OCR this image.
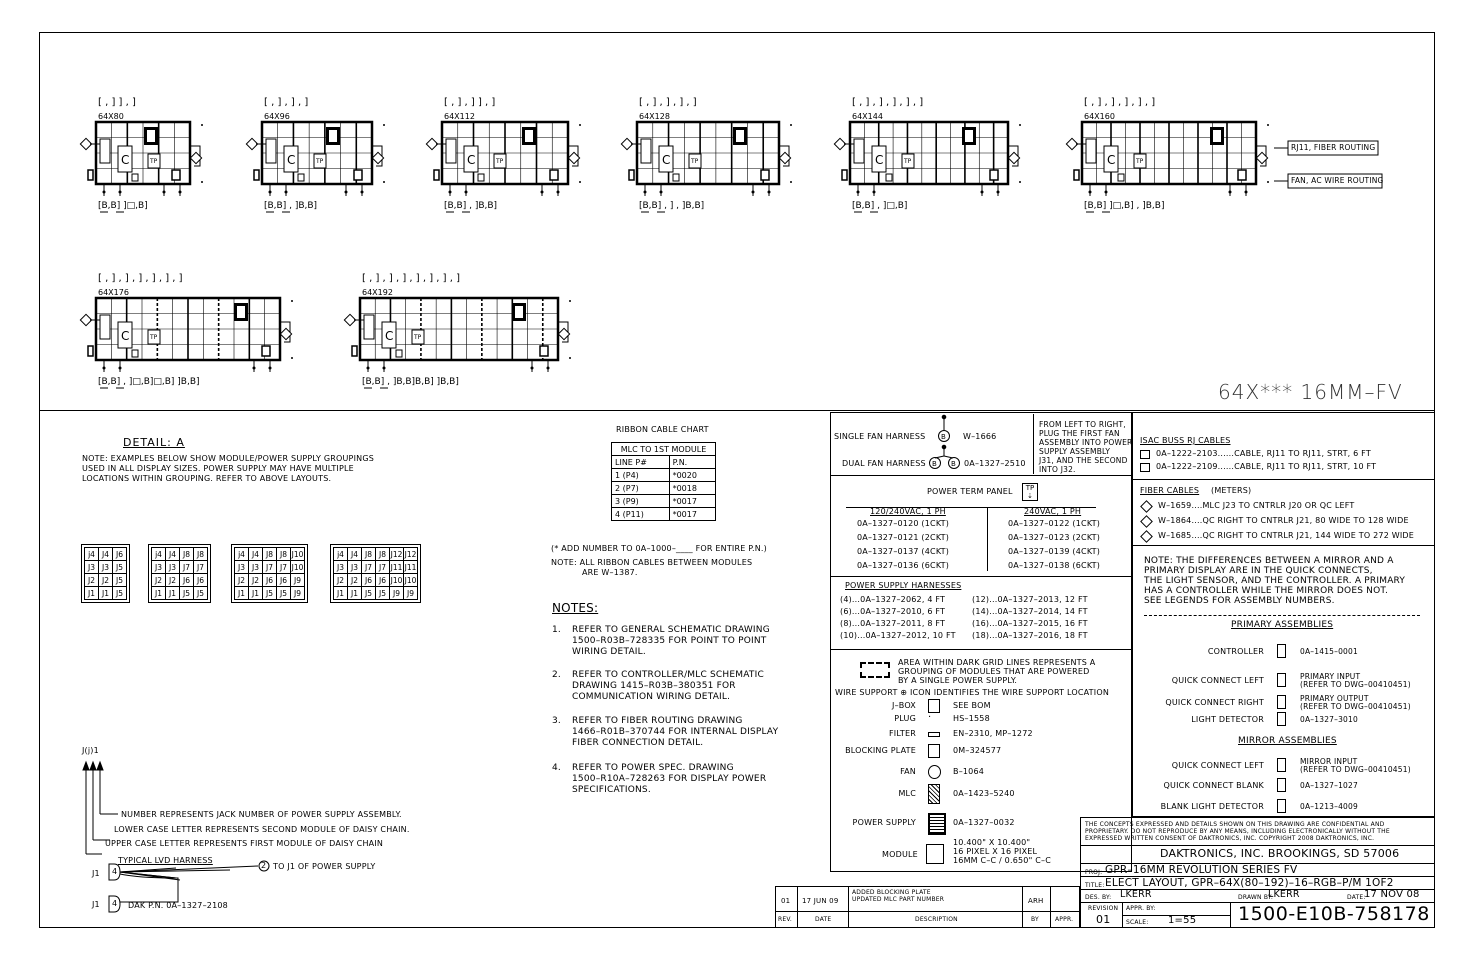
[ , ] ] , ]
64X80
C	TP
[B,B] ]□,B]
[ , ] , ] , ]
64X96
C	TP
[B,B] , ]B,B]
[ , ] , ] ] , ]
64X112
C	TP
[B,B] , ]B,B]
[ , ] , ] , ] , ]
64X128
C	TP
[B,B] , ] , ]B,B]
[ , ] , ] , ] , ] , ]
64X144
C	TP
[B,B] , ]□,B]
[ , ] , ] , ] , ] , ]
64X160
C	TP
[B,B] ]□,B] , ]B,B]
[ , ] , ] , ] , ] , ] , ]
64X176
C	TP
[B,B] , ]□,B]□,B] ]B,B]
[ , ] , ] , ] , ] , ] , ] , ]
64X192
C	TP
[B,B] , ]B,B]B,B] ]B,B]
RJ11, FIBER ROUTING
FAN, AC WIRE ROUTING
64X*** 16MM–FV
DETAIL: A
NOTE: EXAMPLES BELOW SHOW MODULE/POWER SUPPLY GROUPINGS
USED IN ALL DISPLAY SIZES. POWER SUPPLY MAY HAVE MULTIPLE
LOCATIONS WITHIN GROUPING. REFER TO ABOVE LAYOUTS.
j4	J4	J6
J3	J3	J5
J2	J2	J5
J1	J1	J5
j4	J4	J8	J8
J3	J3	J7	J7
J2	J2	J6	J6
J1	J1	J5	J5
j4	J4	J8	J8	J10
J3	J3	J7	J7	J10
J2	J2	J6	J6	J9
J1	J1	J5	J5	J9
j4	J4	J8	J8	J12	J12
J3	J3	J7	J7	J11	J11
J2	J2	J6	J6	J10	J10
J1	J1	J5	J5	J9	J9
J(j)1
NUMBER REPRESENTS JACK NUMBER OF POWER SUPPLY ASSEMBLY.
LOWER CASE LETTER REPRESENTS SECOND MODULE OF DAISY CHAIN.
UPPER CASE LETTER REPRESENTS FIRST MODULE OF DAISY CHAIN
TYPICAL LVD HARNESS
TO J1 OF POWER SUPPLY
J1
J1
4
4
2
DAK P.N. 0A–1327–2108
RIBBON CABLE CHART
MLC TO 1ST MODULE	
LINE P#	P.N.
1 (P4)	*0020
2 (P7)	*0018
3 (P9)	*0017
4 (P11)	*0017
(* ADD NUMBER TO 0A–1000–____ FOR ENTIRE P.N.)
NOTE: ALL RIBBON CABLES BETWEEN MODULES
ARE W–1387.
NOTES:
1. REFER TO GENERAL SCHEMATIC DRAWING
1500–R03B–728335 FOR POINT TO POINT
WIRING DETAIL.
2. REFER TO CONTROLLER/MLC SCHEMATIC
DRAWING 1415–R03B–380351 FOR
COMMUNICATION WIRING DETAIL.
3. REFER TO FIBER ROUTING DRAWING
1466–R01B–370744 FOR INTERNAL DISPLAY
FIBER CONNECTION DETAIL.
4. REFER TO POWER SPEC. DRAWING
1500–R10A–728263 FOR DISPLAY POWER
SPECIFICATIONS.
SINGLE FAN HARNESS	W–1666
DUAL FAN HARNESS	0A–1327–2510
B
B B
FROM LEFT TO RIGHT,
PLUG THE FIRST FAN
ASSEMBLY INTO POWER
SUPPLY ASSEMBLY
J31, AND THE SECOND
INTO J32.
POWER TERM PANEL	TP
⇣
120/240VAC, 1 PH	240VAC, 1 PH
0A–1327–0120 (1CKT)	0A–1327–0122 (1CKT)
0A–1327–0121 (2CKT)	0A–1327–0123 (2CKT)
0A–1327–0137 (4CKT)	0A–1327–0139 (4CKT)
0A–1327–0136 (6CKT)	0A–1327–0138 (6CKT)
POWER SUPPLY HARNESSES
(4)...0A–1327–2062, 4 FT	(12)...0A–1327–2013, 12 FT
(6)...0A–1327–2010, 6 FT	(14)...0A–1327–2014, 14 FT
(8)...0A–1327–2011, 8 FT	(16)...0A–1327–2015, 16 FT
(10)...0A–1327–2012, 10 FT (18)...0A–1327–2016, 18 FT
AREA WITHIN DARK GRID LINES REPRESENTS A
GROUPING OF MODULES THAT ARE POWERED
BY A SINGLE POWER SUPPLY.
WIRE SUPPORT ⊕ ICON IDENTIFIES THE WIRE SUPPORT LOCATION
J–BOX	SEE BOM
PLUG	HS–1558
·
FILTER	EN–2310, MP–1272
BLOCKING PLATE	0M–324577
FAN	B–1064
MLC	0A–1423–5240
POWER SUPPLY	0A–1327–0032
MODULE
10.400" X 10.400"
16 PIXEL X 16 PIXEL
16MM C–C / 0.650" C–C
ISAC BUSS RJ CABLES
0A–1222–2103......CABLE, RJ11 TO RJ11, STRT, 6 FT
0A–1222–2109......CABLE, RJ11 TO RJ11, STRT, 10 FT
FIBER CABLES (METERS)
W–1659....MLC J23 TO CNTRLR J20 OR QC LEFT
W–1864....QC RIGHT TO CNTRLR J21, 80 WIDE TO 128 WIDE
W–1685....QC RIGHT TO CNTRLR J21, 144 WIDE TO 272 WIDE
NOTE: THE DIFFERENCES BETWEEN A MIRROR AND A
PRIMARY DISPLAY ARE IN THE QUICK CONNECTS,
THE LIGHT SENSOR, AND THE CONTROLLER. A PRIMARY
HAS A CONTROLLER WHILE THE MIRROR DOES NOT.
SEE LEGENDS FOR ASSEMBLY NUMBERS.
PRIMARY ASSEMBLIES
CONTROLLER	0A–1415–0001
QUICK CONNECT LEFT	PRIMARY INPUT
(REFER TO DWG–00410451)
QUICK CONNECT RIGHT	PRIMARY OUTPUT
(REFER TO DWG–00410451)
LIGHT DETECTOR	0A–1327–3010
MIRROR ASSEMBLIES
QUICK CONNECT LEFT	MIRROR INPUT
(REFER TO DWG–00410451)
QUICK CONNECT BLANK	0A–1327–1027
BLANK LIGHT DETECTOR	0A–1213–4009
THE CONCEPTS EXPRESSED AND DETAILS SHOWN ON THIS DRAWING ARE CONFIDENTIAL AND
PROPRIETARY. DO NOT REPRODUCE BY ANY MEANS, INCLUDING ELECTRONICALLY WITHOUT THE
EXPRESSED WRITTEN CONSENT OF DAKTRONICS, INC. COPYRIGHT 2008 DAKTRONICS, INC.
DAKTRONICS, INC. BROOKINGS, SD 57006
PROJ: GPR–16MM REVOLUTION SERIES FV
TITLE: ELECT LAYOUT, GPR–64X(80–192)–16–RGB–P/M 1OF2
DES. BY: LKERR	DRAWN BY:
LKERR	DATE:
17 NOV 08
REVISION
01
APPR. BY:
SCALE: 1=55 1500-E10B-758178
01 17 JUN 09
ADDED BLOCKING PLATE
UPDATED MLC PART NUMBER	ARH
REV.	DATE	DESCRIPTION	BY	APPR.
